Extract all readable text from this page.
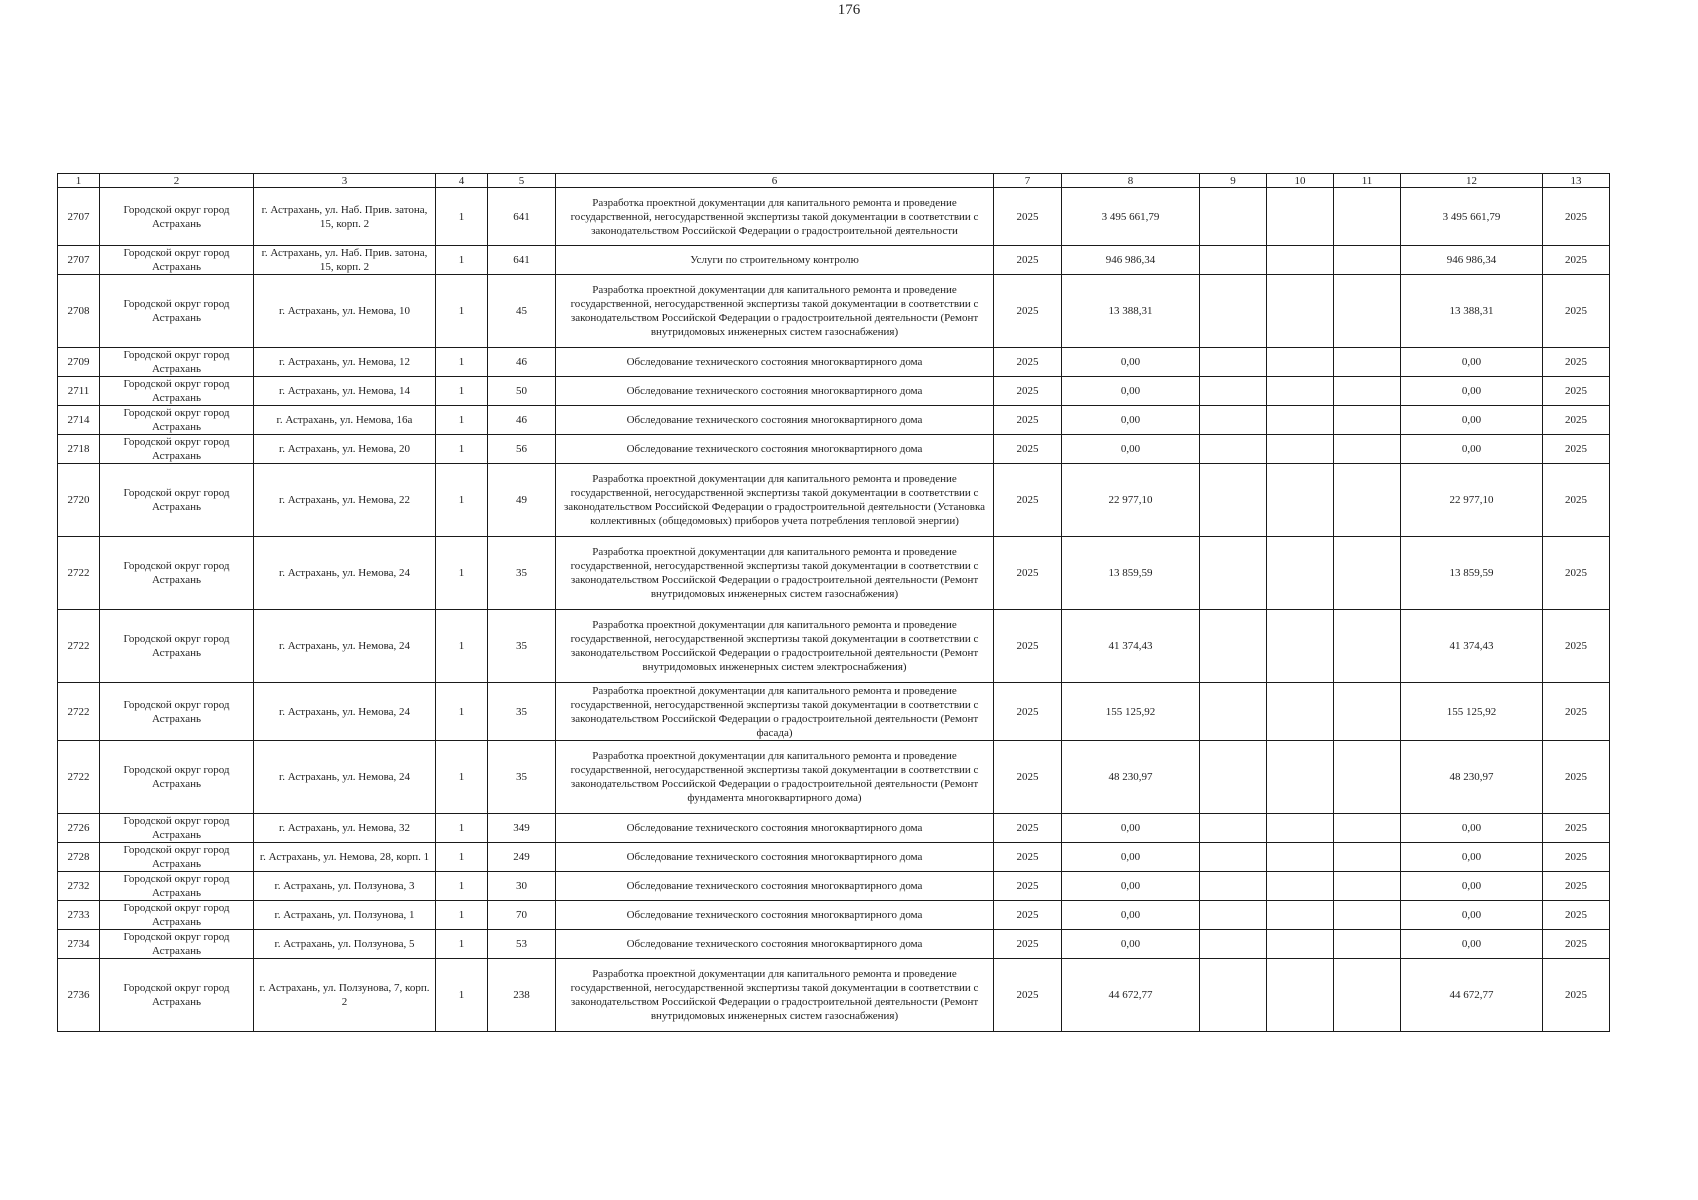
176
1	2	3	4	5	6	7	8	9	10	11	12	13
2707	Городской округ город Астрахань	г. Астрахань, ул. Наб. Прив. затона, 15, корп. 2	1	641	Разработка проектной документации для капитального ремонта и проведение государственной, негосударственной экспертизы такой документации в соответствии с законодательством Российской Федерации о градостроительной деятельности	2025	3 495 661,79				3 495 661,79	2025
2707	Городской округ город Астрахань	г. Астрахань, ул. Наб. Прив. затона, 15, корп. 2	1	641	Услуги по строительному контролю	2025	946 986,34				946 986,34	2025
2708	Городской округ город Астрахань	г. Астрахань, ул. Немова, 10	1	45	Разработка проектной документации для капитального ремонта и проведение государственной, негосударственной экспертизы такой документации в соответствии с законодательством Российской Федерации о градостроительной деятельности (Ремонт внутридомовых инженерных систем газоснабжения)	2025	13 388,31				13 388,31	2025
2709	Городской округ город Астрахань	г. Астрахань, ул. Немова, 12	1	46	Обследование технического состояния многоквартирного дома	2025	0,00				0,00	2025
2711	Городской округ город Астрахань	г. Астрахань, ул. Немова, 14	1	50	Обследование технического состояния многоквартирного дома	2025	0,00				0,00	2025
2714	Городской округ город Астрахань	г. Астрахань, ул. Немова, 16а	1	46	Обследование технического состояния многоквартирного дома	2025	0,00				0,00	2025
2718	Городской округ город Астрахань	г. Астрахань, ул. Немова, 20	1	56	Обследование технического состояния многоквартирного дома	2025	0,00				0,00	2025
2720	Городской округ город Астрахань	г. Астрахань, ул. Немова, 22	1	49	Разработка проектной документации для капитального ремонта и проведение государственной, негосударственной экспертизы такой документации в соответствии с законодательством Российской Федерации о градостроительной деятельности (Установка коллективных (общедомовых) приборов учета потребления тепловой энергии)	2025	22 977,10				22 977,10	2025
2722	Городской округ город Астрахань	г. Астрахань, ул. Немова, 24	1	35	Разработка проектной документации для капитального ремонта и проведение государственной, негосударственной экспертизы такой документации в соответствии с законодательством Российской Федерации о градостроительной деятельности (Ремонт внутридомовых инженерных систем газоснабжения)	2025	13 859,59				13 859,59	2025
2722	Городской округ город Астрахань	г. Астрахань, ул. Немова, 24	1	35	Разработка проектной документации для капитального ремонта и проведение государственной, негосударственной экспертизы такой документации в соответствии с законодательством Российской Федерации о градостроительной деятельности (Ремонт внутридомовых инженерных систем электроснабжения)	2025	41 374,43				41 374,43	2025
2722	Городской округ город Астрахань	г. Астрахань, ул. Немова, 24	1	35	Разработка проектной документации для капитального ремонта и проведение государственной, негосударственной экспертизы такой документации в соответствии с законодательством Российской Федерации о градостроительной деятельности (Ремонт фасада)	2025	155 125,92				155 125,92	2025
2722	Городской округ город Астрахань	г. Астрахань, ул. Немова, 24	1	35	Разработка проектной документации для капитального ремонта и проведение государственной, негосударственной экспертизы такой документации в соответствии с законодательством Российской Федерации о градостроительной деятельности (Ремонт фундамента многоквартирного дома)	2025	48 230,97				48 230,97	2025
2726	Городской округ город Астрахань	г. Астрахань, ул. Немова, 32	1	349	Обследование технического состояния многоквартирного дома	2025	0,00				0,00	2025
2728	Городской округ город Астрахань	г. Астрахань, ул. Немова, 28, корп. 1	1	249	Обследование технического состояния многоквартирного дома	2025	0,00				0,00	2025
2732	Городской округ город Астрахань	г. Астрахань, ул. Ползунова, 3	1	30	Обследование технического состояния многоквартирного дома	2025	0,00				0,00	2025
2733	Городской округ город Астрахань	г. Астрахань, ул. Ползунова, 1	1	70	Обследование технического состояния многоквартирного дома	2025	0,00				0,00	2025
2734	Городской округ город Астрахань	г. Астрахань, ул. Ползунова, 5	1	53	Обследование технического состояния многоквартирного дома	2025	0,00				0,00	2025
2736	Городской округ город Астрахань	г. Астрахань, ул. Ползунова, 7, корп. 2	1	238	Разработка проектной документации для капитального ремонта и проведение государственной, негосударственной экспертизы такой документации в соответствии с законодательством Российской Федерации о градостроительной деятельности (Ремонт внутридомовых инженерных систем газоснабжения)	2025	44 672,77				44 672,77	2025
